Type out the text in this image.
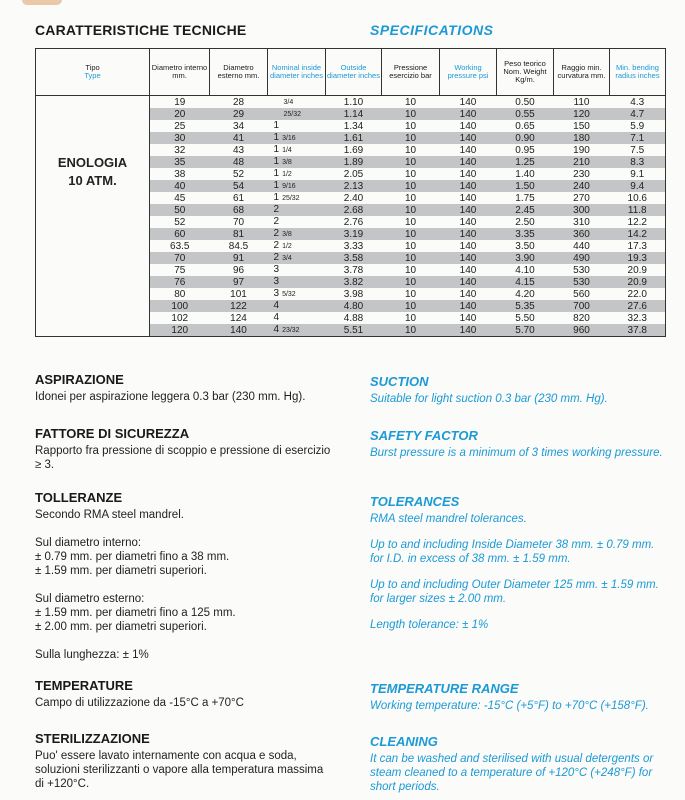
CARATTERISTICHE TECNICHE	SPECIFICATIONS
Tipo
Type	Diametro interno mm.	Diametro esterno mm.	Nominal inside diameter inches	Outside diameter inches	Pressione esercizio bar	Working pressure psi	Peso teorico Nom. Weight Kg/m.	Raggio min. curvatura mm.	Min. bending radius inches

ENOLOGIA
10 ATM.	19	28	3/4	1.10	10	140	0.50	110	4.3
	20	29	25/32	1.14	10	140	0.55	120	4.7
	25	34	1	1.34	10	140	0.65	150	5.9
	30	41	1 3/16	1.61	10	140	0.90	180	7.1
	32	43	1 1/4	1.69	10	140	0.95	190	7.5
	35	48	1 3/8	1.89	10	140	1.25	210	8.3
	38	52	1 1/2	2.05	10	140	1.40	230	9.1
	40	54	1 9/16	2.13	10	140	1.50	240	9.4
	45	61	1 25/32	2.40	10	140	1.75	270	10.6
	50	68	2	2.68	10	140	2.45	300	11.8
	52	70	2	2.76	10	140	2.50	310	12.2
	60	81	2 3/8	3.19	10	140	3.35	360	14.2
	63.5	84.5	2 1/2	3.33	10	140	3.50	440	17.3
	70	91	2 3/4	3.58	10	140	3.90	490	19.3
	75	96	3	3.78	10	140	4.10	530	20.9
	76	97	3	3.82	10	140	4.15	530	20.9
	80	101	3 5/32	3.98	10	140	4.20	560	22.0
	100	122	4	4.80	10	140	5.35	700	27.6
	102	124	4	4.88	10	140	5.50	820	32.3
	120	140	4 23/32	5.51	10	140	5.70	960	37.8
ASPIRAZIONE
Idonei per aspirazione leggera 0.3 bar (230 mm. Hg).
FATTORE DI SICUREZZA
Rapporto fra pressione di scoppio e pressione di esercizio
≥ 3.
TOLLERANZE
Secondo RMA steel mandrel.
Sul diametro interno:
± 0.79 mm. per diametri fino a 38 mm.
± 1.59 mm. per diametri superiori.
Sul diametro esterno:
± 1.59 mm. per diametri fino a 125 mm.
± 2.00 mm. per diametri superiori.
Sulla lunghezza: ± 1%
TEMPERATURE
Campo di utilizzazione da -15°C a +70°C
STERILIZZAZIONE
Puo' essere lavato internamente con acqua e soda,
soluzioni sterilizzanti o vapore alla temperatura massima
di +120°C.
SUCTION
Suitable for light suction 0.3 bar (230 mm. Hg).
SAFETY FACTOR
Burst pressure is a minimum of 3 times working pressure.
TOLERANCES
RMA steel mandrel tolerances.
Up to and including Inside Diameter 38 mm. ± 0.79 mm.
for I.D. in excess of 38 mm. ± 1.59 mm.
Up to and including Outer Diameter 125 mm. ± 1.59 mm.
for larger sizes ± 2.00 mm.
Length tolerance: ± 1%
TEMPERATURE RANGE
Working temperature: -15°C (+5°F) to +70°C (+158°F).
CLEANING
It can be washed and sterilised with usual detergents or
steam cleaned to a temperature of +120°C (+248°F) for
short periods.
